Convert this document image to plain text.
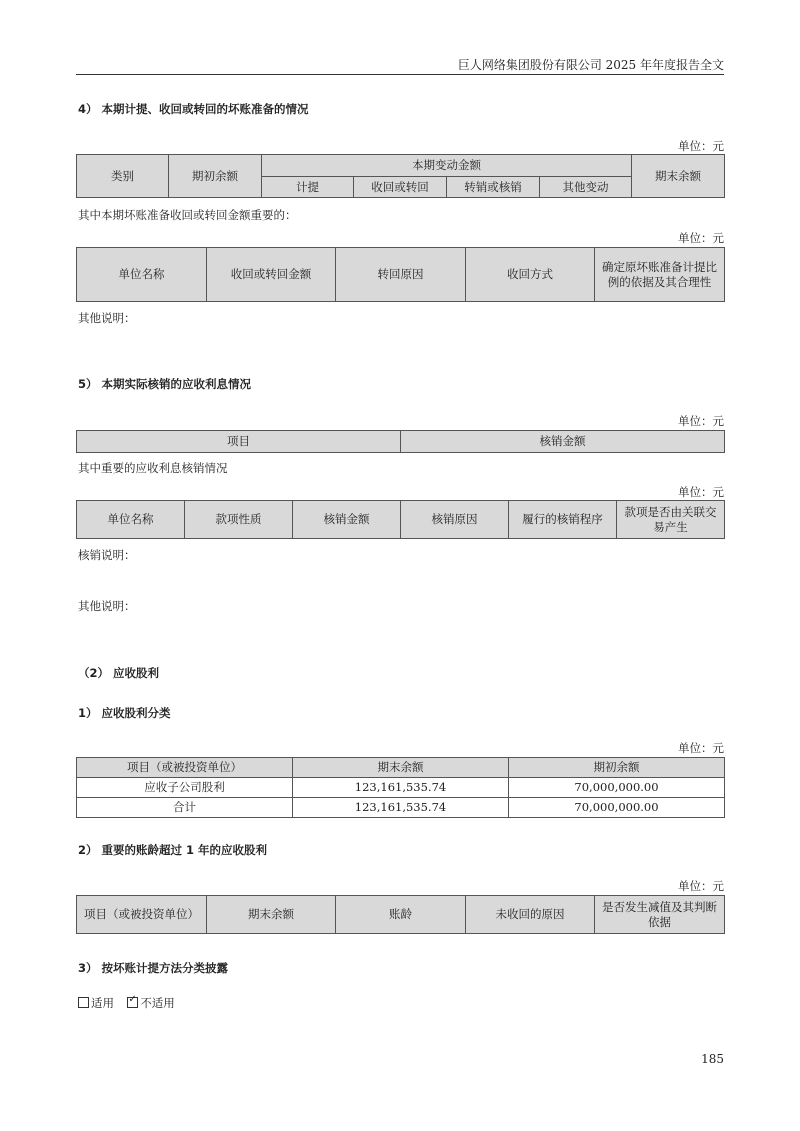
巨人网络集团股份有限公司 2025 年年度报告全文
4） 本期计提、收回或转回的坏账准备的情况
单位：元
类别	期初余额	本期变动金额				期末余额
		计提	收回或转回	转销或核销	其他变动	
其中本期坏账准备收回或转回金额重要的：
单位：元
单位名称	收回或转回金额	转回原因	收回方式	确定原坏账准备计提比例的依据及其合理性
其他说明：
5） 本期实际核销的应收利息情况
单位：元
项目	核销金额
其中重要的应收利息核销情况
单位：元
单位名称	款项性质	核销金额	核销原因	履行的核销程序	款项是否由关联交易产生
核销说明：
其他说明：
（2） 应收股利
1） 应收股利分类
单位：元
项目（或被投资单位）	期末余额	期初余额
应收子公司股利	123,161,535.74	70,000,000.00
合计	123,161,535.74	70,000,000.00
2） 重要的账龄超过 1 年的应收股利
单位：元
项目（或被投资单位）	期末余额	账龄	未收回的原因	是否发生减值及其判断依据
3） 按坏账计提方法分类披露
适用 ✓ 不适用
185
